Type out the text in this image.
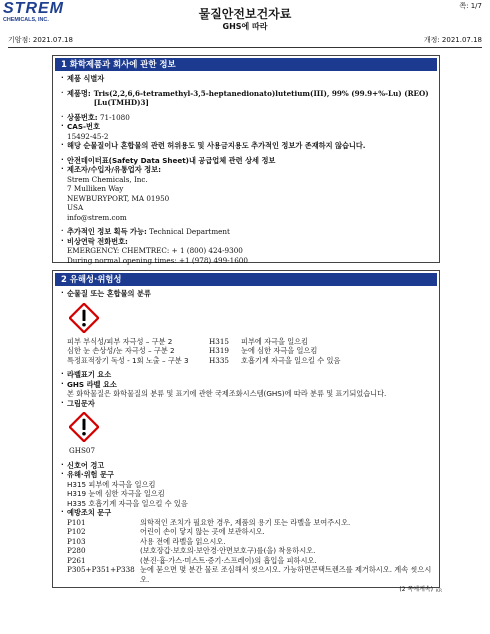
STREM
CHEMICALS, INC.	물질안전보건자료
GHS에 따라
쪽: 1/7
기암점: 2021.07.18	개정: 2021.07.18
1 화학제품과 회사에 관한 정보
· 제품 식별자
· 제품명: Tris(2,2,6,6-tetramethyl-3,5-heptanedionato)lutetium(III), 99% (99.9+%-Lu) (REO) [Lu(TMHD)3]
· 상품번호: 71-1080
· CAS-번호
15492-45-2
· 해당 순물질이나 혼합물의 관련 허위용도 및 사용금지용도 추가적인 정보가 존재하지 않습니다.
· 안전데이터표(Safety Data Sheet)내 공급업체 관련 상세 정보
· 제조자/수입자/유통업자 정보:
Strem Chemicals, Inc.
7 Mulliken Way
NEWBURYPORT, MA 01950
USA
info@strem.com
· 추가적인 정보 획득 가능: Technical Department
· 비상연락 전화번호:
EMERGENCY: CHEMTREC: + 1 (800) 424-9300
During normal opening times: +1 (978) 499-1600
2 유해성·위험성
· 순물질 또는 혼합물의 분류
피부 부식성/피부 자극성 – 구분 2	H315	피부에 자극을 일으킴
심한 눈 손상성/눈 자극성 – 구분 2	H319	눈에 심한 자극을 일으킴
특정표적장기 독성 - 1회 노출 – 구분 3	H335	호흡기계 자극을 일으킬 수 있음
· 라벨표기 요소
· GHS 라벨 요소
본 화학물질은 화학물질의 분류 및 표기에 관한 국제조화시스템(GHS)에 따라 분류 및 표기되었습니다.
· 그림문자
GHS07
· 신호어 경고
· 유해·위험 문구
H315 피부에 자극을 일으킴
H319 눈에 심한 자극을 일으킴
H335 호흡기계 자극을 일으킬 수 있음
· 예방조치 문구
P101	의학적인 조치가 필요한 경우, 제품의 용기 또는 라벨을 보여주시오.
P102	어린이 손이 닿지 않는 곳에 보관하시오.
P103	사용 전에 라벨을 읽으시오.
P280	(보호장갑·보호의·보안경·안면보호구)를(을) 착용하시오.
P261	(분진·흄·가스·미스트·증기·스프레이)의 흡입을 피하시오.
P305+P351+P338 눈에 묻으면 몇 분간 물로 조심해서 씻으시오. 가능하면콘택트렌즈를 제거하시오. 계속 씻으시오.
(2 쪽에계속) KR
